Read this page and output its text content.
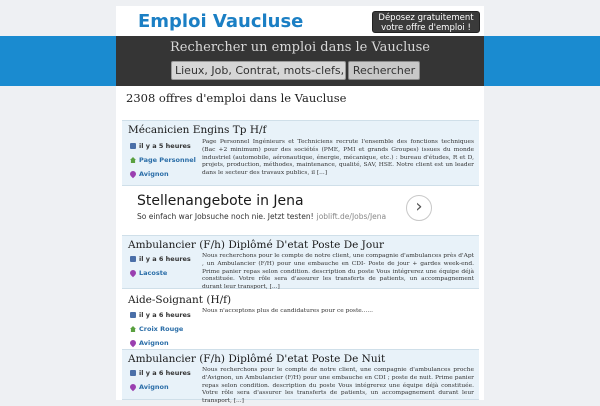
Emploi Vaucluse	Déposez gratuitement
votre offre d'emploi !
Rechercher un emploi dans le Vaucluse
Lieux, Job, Contrat, mots-clefs, Rechercher
2308 offres d'emploi dans le Vaucluse
Mécanicien Engins Tp H/f
il y a 5 heures
Page Personnel
Avignon
Page Personnel Ingénieurs et Techniciens recrute l'ensemble des fonctions techniques (Bac +2 minimum) pour des sociétés (PME, PMI et grands Groupes) issues du monde industriel (automobile, aéronautique, énergie, mécanique, etc.) : bureau d'études, R et D, projets, production, méthodes, maintenance, qualité, SAV, HSE. Notre client est un leader dans le secteur des travaux publics, il [...]
Stellenangebote in Jena
So einfach war Jobsuche noch nie. Jetzt testen! joblift.de/Jobs/Jena	›
Ambulancier (F/h) Diplômé D'etat Poste De Jour
il y a 6 heures
Lacoste
Nous recherchons pour le compte de notre client, une compagnie d'ambulances près d'Apt , un Ambulancier (F/H) pour une embauche en CDI- Poste de jour + gardes week-end. Prime panier repas selon condition. description du poste Vous intégrerez une équipe déjà constituée. Votre rôle sera d'assurer les transferts de patients, un accompagnement durant leur transport, [...]
Aide-Soignant (H/f)
il y a 6 heures
Croix Rouge
Avignon
Nous n'acceptons plus de candidatures pour ce poste......
Ambulancier (F/h) Diplômé D'etat Poste De Nuit
il y a 6 heures
Avignon
Nous recherchons pour le compte de notre client, une compagnie d'ambulances proche d'Avignon, un Ambulancier (F/H) pour une embauche en CDI ; poste de nuit. Prime panier repas selon condition. description du poste Vous intégrerez une équipe déjà constituée. Votre rôle sera d'assurer les transferts de patients, un accompagnement durant leur transport, [...]
